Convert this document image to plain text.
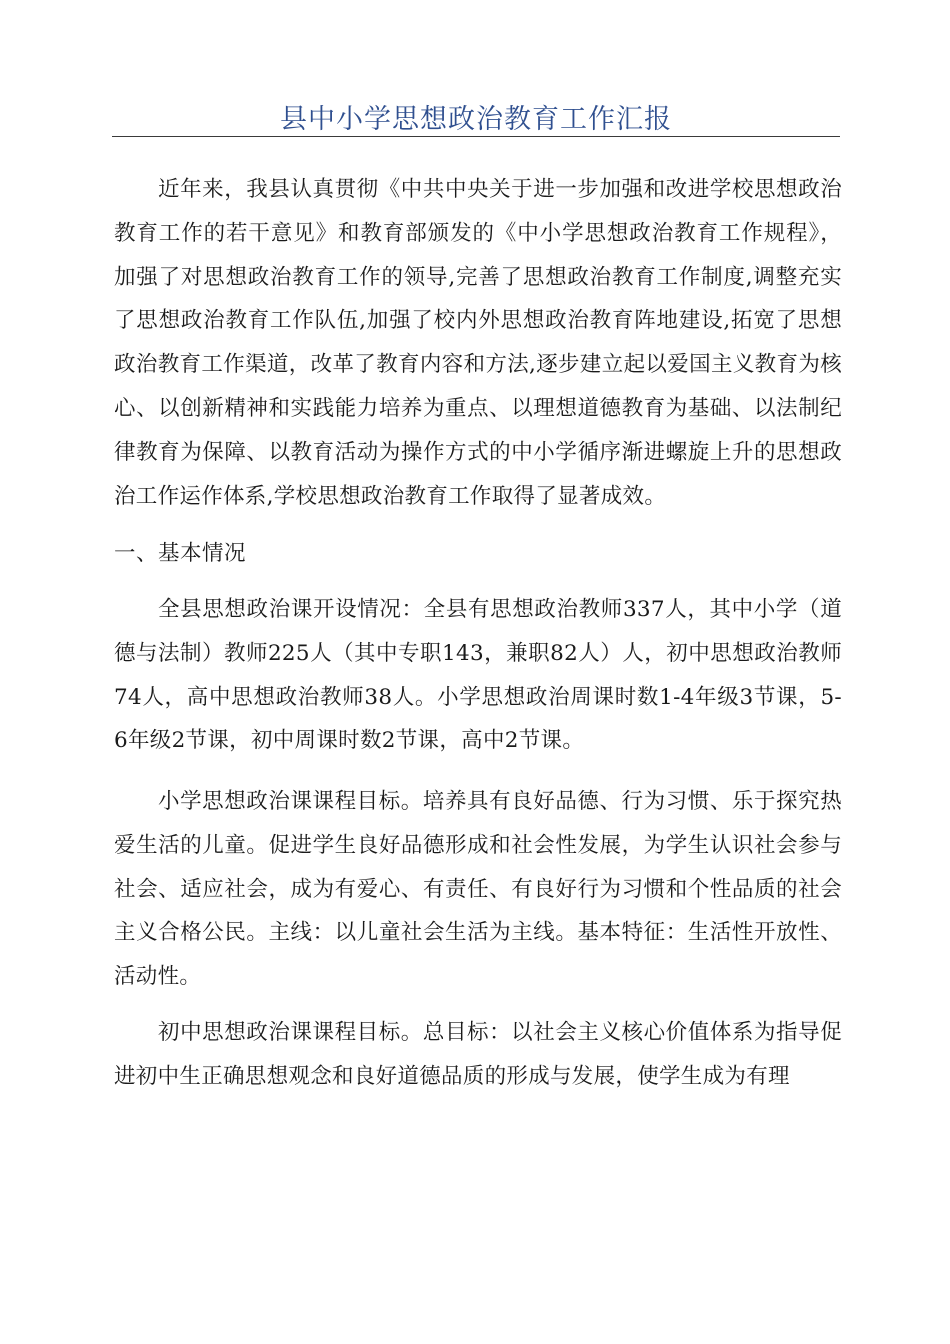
县中小学思想政治教育工作汇报

近年来，我县认真贯彻《中共中央关于进一步加强和改进学校思想政治教育工作的若干意见》和教育部颁发的《中小学思想政治教育工作规程》，加强了对思想政治教育工作的领导,完善了思想政治教育工作制度,调整充实了思想政治教育工作队伍,加强了校内外思想政治教育阵地建设,拓宽了思想政治教育工作渠道，改革了教育内容和方法,逐步建立起以爱国主义教育为核心、以创新精神和实践能力培养为重点、以理想道德教育为基础、以法制纪律教育为保障、以教育活动为操作方式的中小学循序渐进螺旋上升的思想政治工作运作体系,学校思想政治教育工作取得了显著成效。

一、基本情况

全县思想政治课开设情况：全县有思想政治教师337人，其中小学（道德与法制）教师225人（其中专职143，兼职82人）人，初中思想政治教师74人，高中思想政治教师38人。小学思想政治周课时数1-4年级3节课，5-6年级2节课，初中周课时数2节课，高中2节课。

小学思想政治课课程目标。培养具有良好品德、行为习惯、乐于探究热爱生活的儿童。促进学生良好品德形成和社会性发展，为学生认识社会参与社会、适应社会，成为有爱心、有责任、有良好行为习惯和个性品质的社会主义合格公民。主线：以儿童社会生活为主线。基本特征：生活性开放性、活动性。

初中思想政治课课程目标。总目标：以社会主义核心价值体系为指导促进初中生正确思想观念和良好道德品质的形成与发展，使学生成为有理
